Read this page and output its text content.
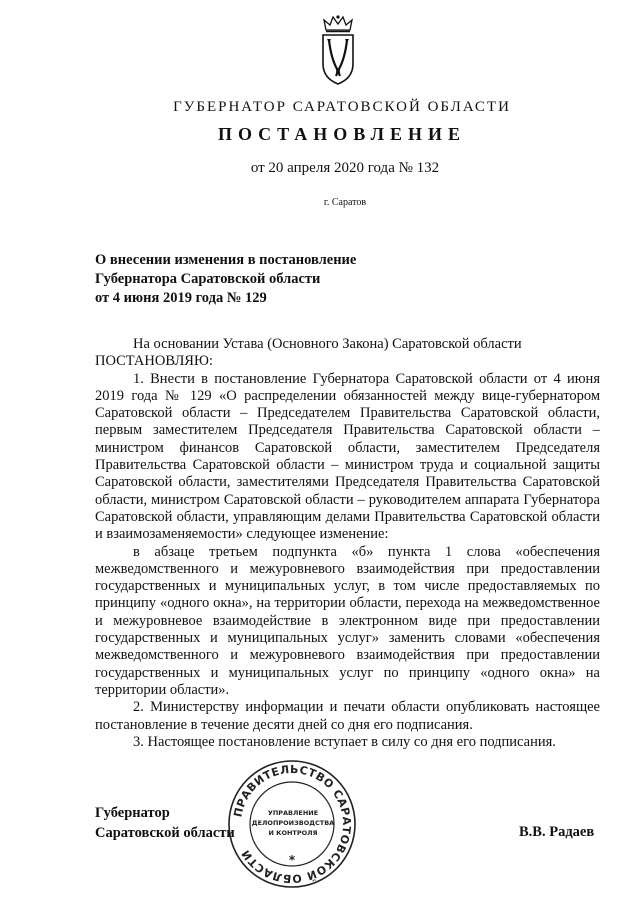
ГУБЕРНАТОР САРАТОВСКОЙ ОБЛАСТИ
ПОСТАНОВЛЕНИЕ
от 20 апреля 2020 года № 132
г. Саратов
О внесении изменения в постановление
Губернатора Саратовской области
от 4 июня 2019 года № 129

На основании Устава (Основного Закона) Саратовской области

ПОСТАНОВЛЯЮ:

1. Внести в постановление Губернатора Саратовской области от 4 июня 2019 года № 129 «О распределении обязанностей между вице-губернатором Саратовской области – Председателем Правительства Саратовской области, первым заместителем Председателя Правительства Саратовской области – министром финансов Саратовской области, заместителем Председателя Правительства Саратовской области – министром труда и социальной защиты Саратовской области, заместителями Председателя Правительства Саратовской области, министром Саратовской области – руководителем аппарата Губернатора Саратовской области, управляющим делами Правительства Саратовской области и взаимозаменяемости» следующее изменение:

в абзаце третьем подпункта «б» пункта 1 слова «обеспечения межведомственного и межуровневого взаимодействия при предоставлении государственных и муниципальных услуг, в том числе предоставляемых по принципу «одного окна», на территории области, перехода на межведомственное и межуровневое взаимодействие в электронном виде при предоставлении государственных и муниципальных услуг» заменить словами «обеспечения межведомственного и межуровневого взаимодействия при предоставлении государственных и муниципальных услуг по принципу «одного окна» на территории области».

2. Министерству информации и печати области опубликовать настоящее постановление в течение десяти дней со дня его подписания.

3. Настоящее постановление вступает в силу со дня его подписания.

Губернатор
Саратовской области	В.В. Радаев
ПРАВИТЕЛЬСТВО САРАТОВСКОЙ ОБЛАСТИ
УПРАВЛЕНИЕ
ДЕЛОПРОИЗВОДСТВА
И КОНТРОЛЯ
*
